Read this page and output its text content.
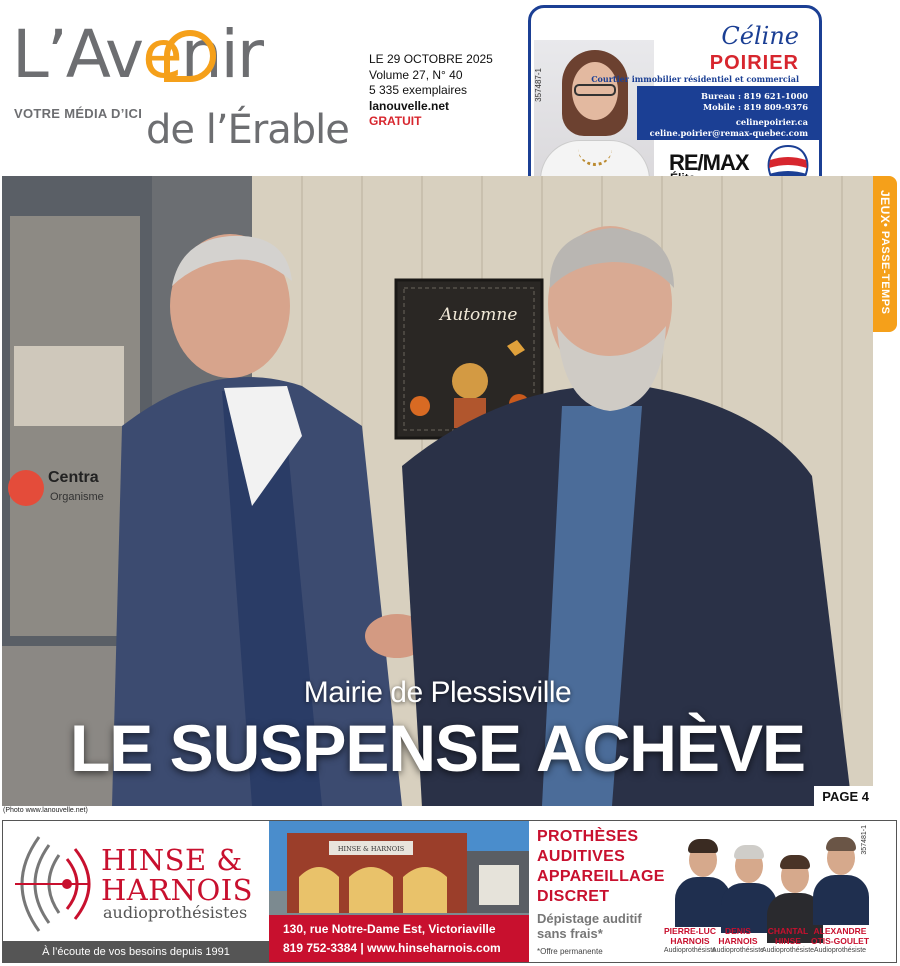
L’Avenir
VOTRE MÉDIA D’ICI de l’Érable
LE 29 OCTOBRE 2025
Volume 27, N° 40
5 335 exemplaires
lanouvelle.net
GRATUIT
357487-1
Céline
POIRIER
Courtier immobilier résidentiel et commercial
Bureau : 819 621-1000
Mobile : 819 809-9376
celinepoirier.ca
celine.poirier@remax-quebec.com
RE/MAX
JEUX
• PASSE-TEMPS
Centra
Organisme
Automne
Mairie de Plessisville
LE SUSPENSE ACHÈVE
PAGE 4
(Photo www.lanouvelle.net)
HINSE &
HARNOIS
audioprothésistes
À l’écoute de vos besoins depuis 1991
HINSE & HARNOIS
130, rue Notre-Dame Est, Victoriaville
819 752-3384 | www.hinseharnois.com
PROTHÈSES
AUDITIVES
APPAREILLAGE
DISCRET
Dépistage auditif
sans frais*
*Offre permanente
357481-1
PIERRE-LUC
HARNOIS
Audioprothésiste
DENIS
HARNOIS
Audioprothésiste
CHANTAL
HINSE
Audioprothésiste
ALEXANDRE
OTIS-GOULET
Audioprothésiste
